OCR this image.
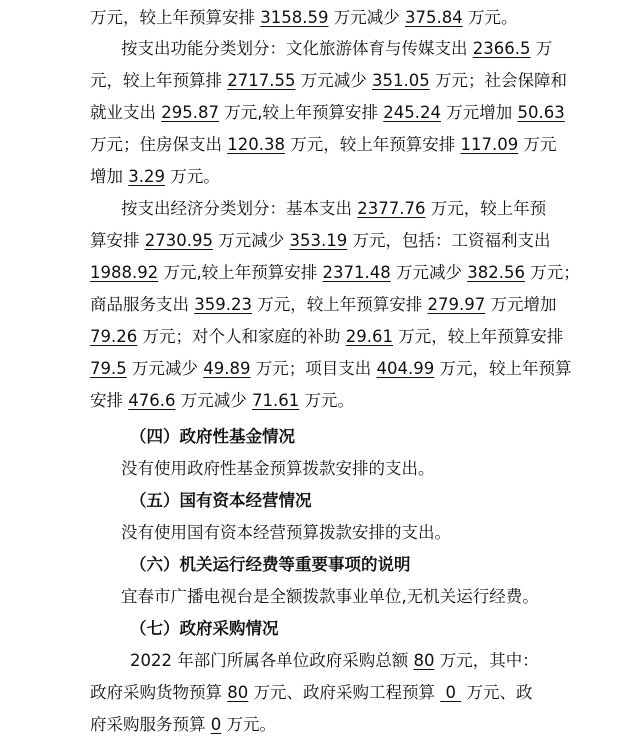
万元，较上年预算安排 3158.59 万元减少 375.84 万元。
按支出功能分类划分：文化旅游体育与传媒支出 2366.5 万
元，较上年预算排 2717.55 万元减少 351.05 万元；社会保障和
就业支出 295.87 万元,较上年预算安排 245.24 万元增加 50.63
万元；住房保支出 120.38 万元，较上年预算安排 117.09 万元
增加 3.29 万元。
按支出经济分类划分：基本支出 2377.76 万元，较上年预
算安排 2730.95 万元减少 353.19 万元，包括：工资福利支出
1988.92 万元,较上年预算安排 2371.48 万元减少 382.56 万元；
商品服务支出 359.23 万元，较上年预算安排 279.97 万元增加
79.26 万元；对个人和家庭的补助 29.61 万元，较上年预算安排
79.5 万元减少 49.89 万元；项目支出 404.99 万元，较上年预算
安排 476.6 万元减少 71.61 万元。
（四）政府性基金情况
没有使用政府性基金预算拨款安排的支出。
（五）国有资本经营情况
没有使用国有资本经营预算拨款安排的支出。
（六）机关运行经费等重要事项的说明
宜春市广播电视台是全额拨款事业单位,无机关运行经费。
（七）政府采购情况
2022 年部门所属各单位政府采购总额 80 万元，其中：
政府采购货物预算 80 万元、政府采购工程预算  0  万元、政
府采购服务预算 0 万元。
